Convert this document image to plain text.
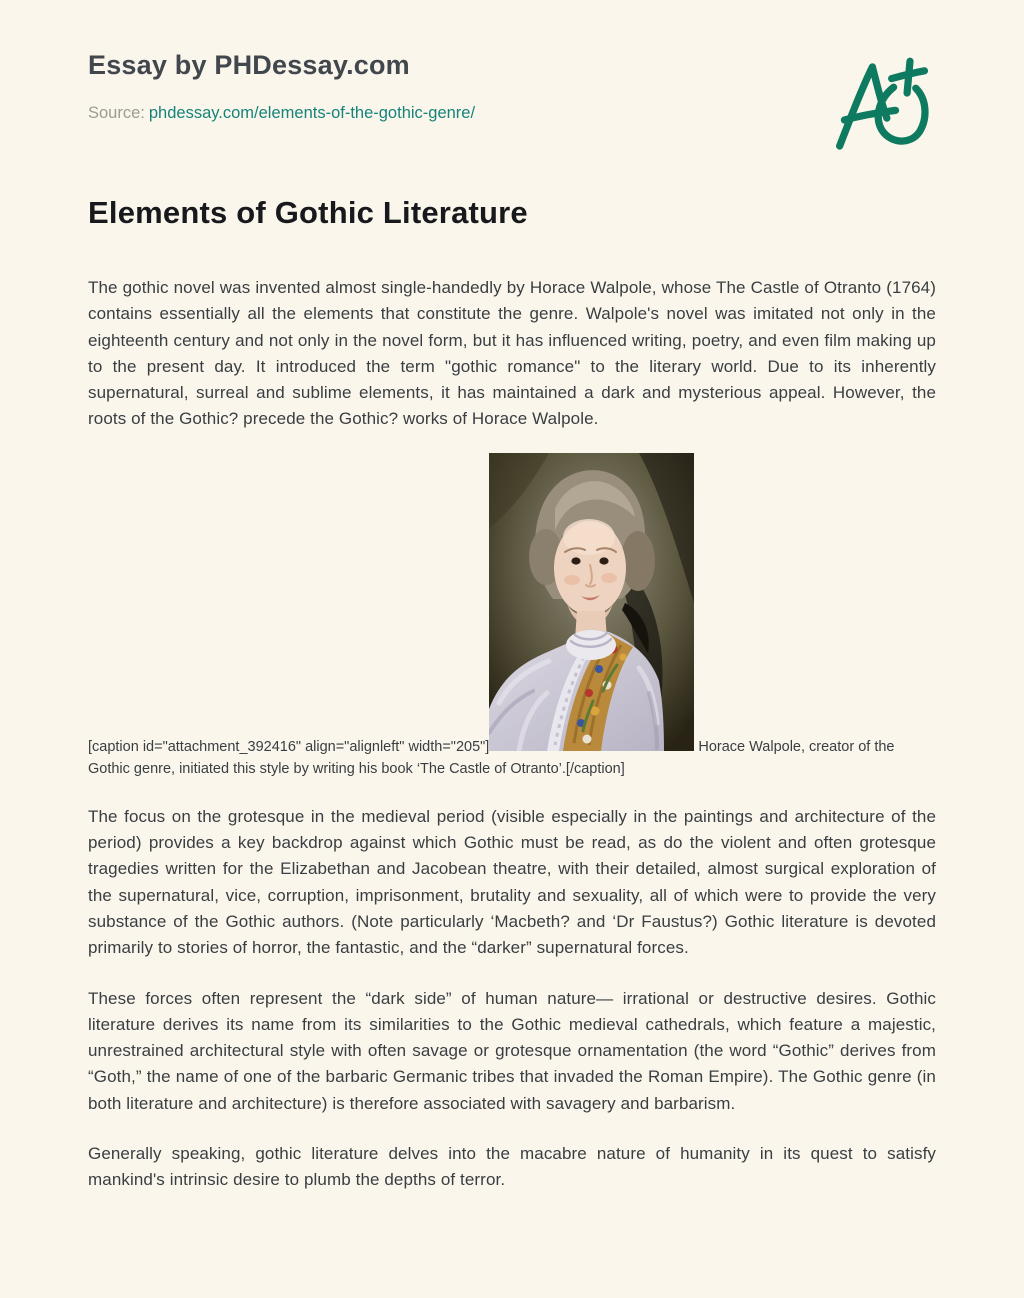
Essay by PHDessay.com
Source: phdessay.com/elements-of-the-gothic-genre/
Elements of Gothic Literature

The gothic novel was invented almost single-handedly by Horace Walpole, whose The Castle of Otranto (1764) contains essentially all the elements that constitute the genre. Walpole's novel was imitated not only in the eighteenth century and not only in the novel form, but it has influenced writing, poetry, and even film making up to the present day. It introduced the term "gothic romance" to the literary world. Due to its inherently supernatural, surreal and sublime elements, it has maintained a dark and mysterious appeal. However, the roots of the Gothic? precede the Gothic? works of Horace Walpole.

[caption id="attachment_392416" align="alignleft" width="205"]	Horace Walpole, creator of the Gothic genre, initiated this style by writing his book ‘The Castle of Otranto’.[/caption]

The focus on the grotesque in the medieval period (visible especially in the paintings and architecture of the period) provides a key backdrop against which Gothic must be read, as do the violent and often grotesque tragedies written for the Elizabethan and Jacobean theatre, with their detailed, almost surgical exploration of the supernatural, vice, corruption, imprisonment, brutality and sexuality, all of which were to provide the very substance of the Gothic authors. (Note particularly ‘Macbeth? and ‘Dr Faustus?) Gothic literature is devoted primarily to stories of horror, the fantastic, and the “darker” supernatural forces.

These forces often represent the “dark side” of human nature— irrational or destructive desires. Gothic literature derives its name from its similarities to the Gothic medieval cathedrals, which feature a majestic, unrestrained architectural style with often savage or grotesque ornamentation (the word “Gothic” derives from “Goth,” the name of one of the barbaric Germanic tribes that invaded the Roman Empire). The Gothic genre (in both literature and architecture) is therefore associated with savagery and barbarism.

Generally speaking, gothic literature delves into the macabre nature of humanity in its quest to satisfy mankind's intrinsic desire to plumb the depths of terror.
